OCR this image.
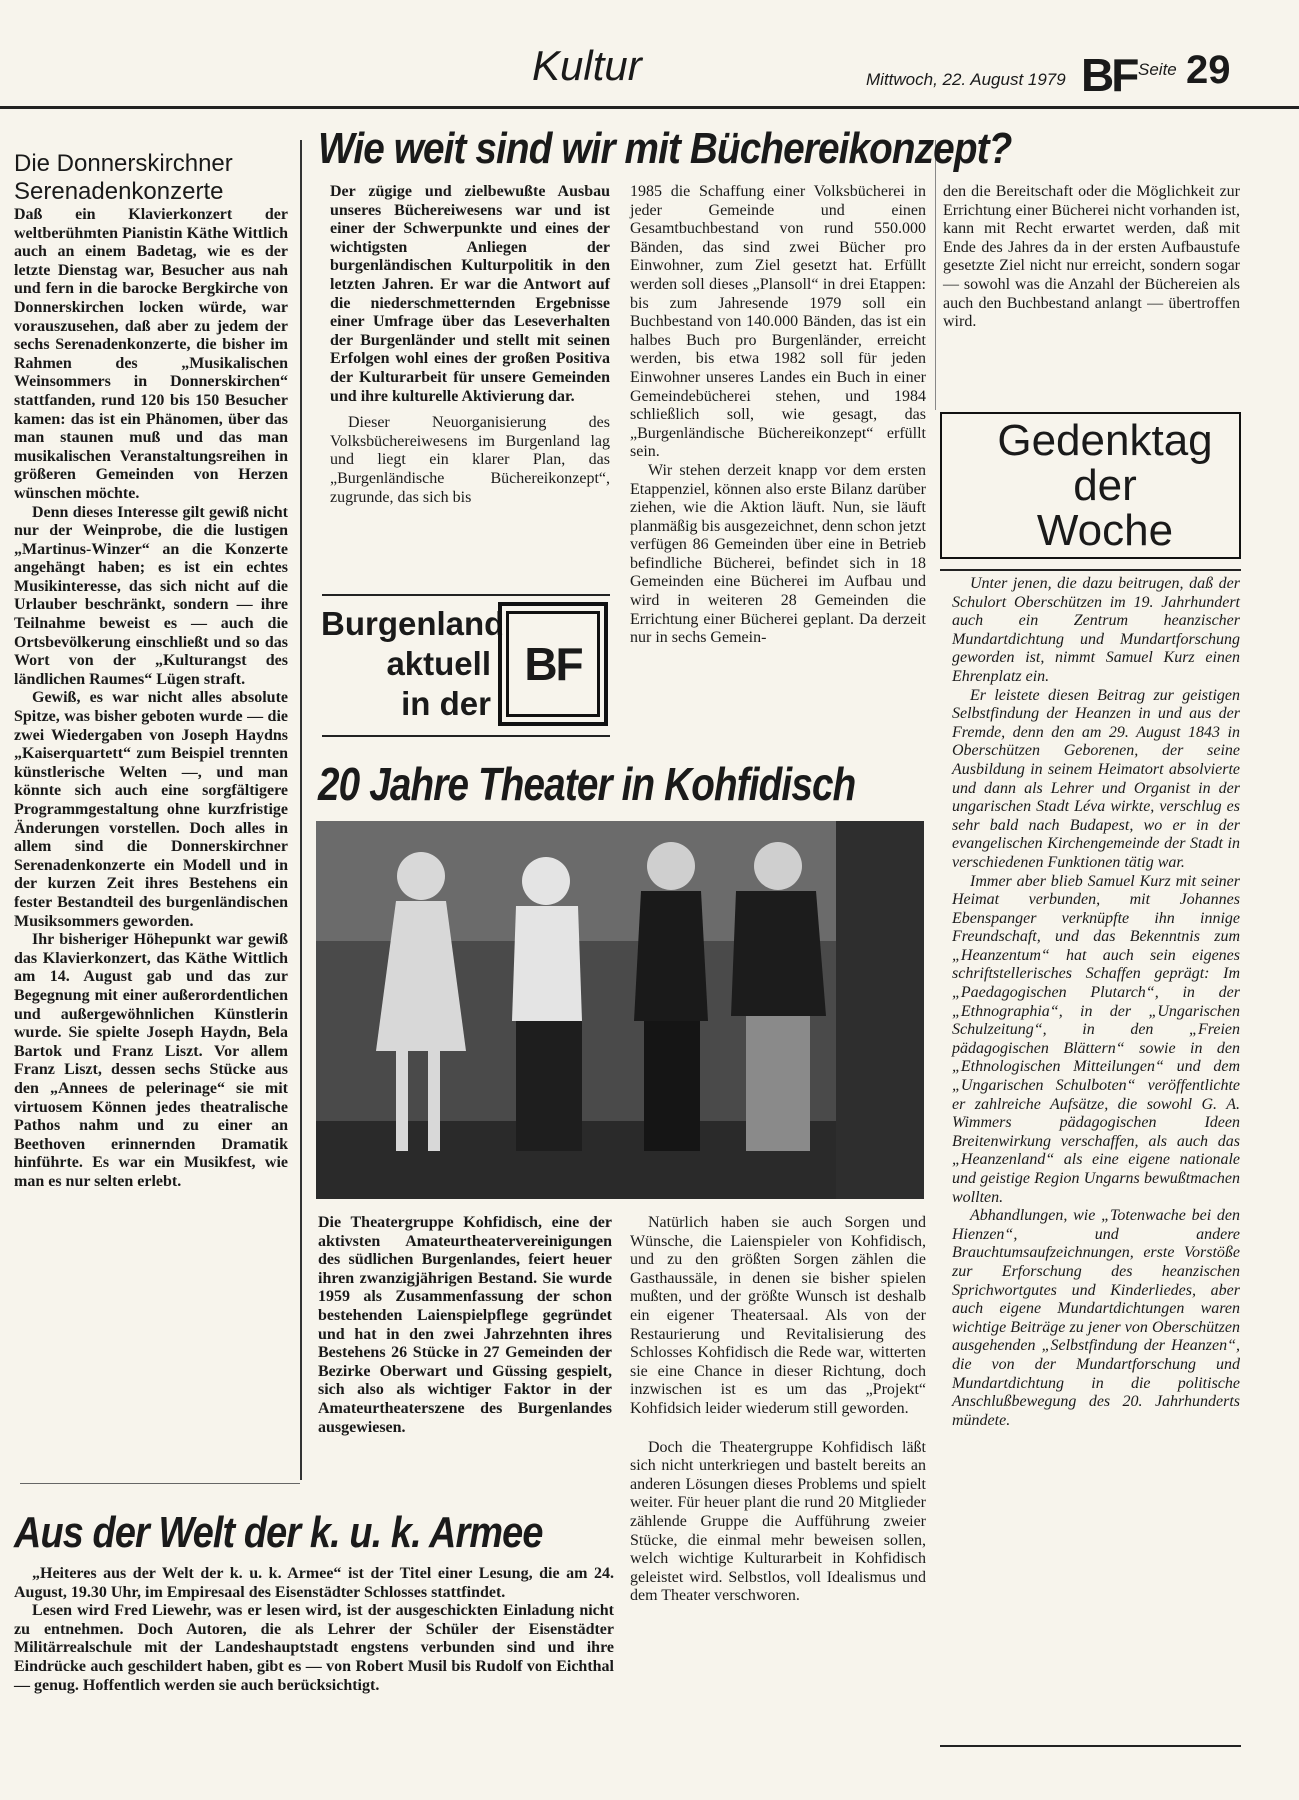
Kultur	Mittwoch, 22. August 1979 BF Seite 29
Die Donnerskirchner Serenadenkonzerte

Daß ein Klavierkonzert der weltberühmten Pianistin Käthe Wittlich auch an einem Badetag, wie es der letzte Dienstag war, Besucher aus nah und fern in die barocke Bergkirche von Donnerskirchen locken würde, war vorauszusehen, daß aber zu jedem der sechs Serenadenkonzerte, die bisher im Rahmen des „Musikalischen Weinsommers in Donnerskirchen“ stattfanden, rund 120 bis 150 Besucher kamen: das ist ein Phänomen, über das man staunen muß und das man musikalischen Veranstaltungsreihen in größeren Gemeinden von Herzen wünschen möchte.

Denn dieses Interesse gilt gewiß nicht nur der Weinprobe, die die lustigen „Martinus-Winzer“ an die Konzerte angehängt haben; es ist ein echtes Musikinteresse, das sich nicht auf die Urlauber beschränkt, sondern — ihre Teilnahme beweist es — auch die Ortsbevölkerung einschließt und so das Wort von der „Kulturangst des ländlichen Raumes“ Lügen straft.

Gewiß, es war nicht alles absolute Spitze, was bisher geboten wurde — die zwei Wiedergaben von Joseph Haydns „Kaiserquartett“ zum Beispiel trennten künstlerische Welten —, und man könnte sich auch eine sorgfältigere Programmgestaltung ohne kurzfristige Änderungen vorstellen. Doch alles in allem sind die Donnerskirchner Serenadenkonzerte ein Modell und in der kurzen Zeit ihres Bestehens ein fester Bestandteil des burgenländischen Musiksommers geworden.

Ihr bisheriger Höhepunkt war gewiß das Klavierkonzert, das Käthe Wittlich am 14. August gab und das zur Begegnung mit einer außerordentlichen und außergewöhnlichen Künstlerin wurde. Sie spielte Joseph Haydn, Bela Bartok und Franz Liszt. Vor allem Franz Liszt, dessen sechs Stücke aus den „Annees de pelerinage“ sie mit virtuosem Können jedes theatralische Pathos nahm und zu einer an Beethoven erinnernden Dramatik hinführte. Es war ein Musikfest, wie man es nur selten erlebt.

Wie weit sind wir mit Büchereikonzept?

Der zügige und zielbewußte Ausbau unseres Büchereiwesens war und ist einer der Schwerpunkte und eines der wichtigsten Anliegen der burgenländischen Kulturpolitik in den letzten Jahren. Er war die Antwort auf die niederschmetternden Ergebnisse einer Umfrage über das Leseverhalten der Burgenländer und stellt mit seinen Erfolgen wohl eines der großen Positiva der Kulturarbeit für unsere Gemeinden und ihre kulturelle Aktivierung dar.

Dieser Neuorganisierung des Volksbüchereiwesens im Burgenland lag und liegt ein klarer Plan, das „Burgenländische Büchereikonzept“, zugrunde, das sich bis

1985 die Schaffung einer Volksbücherei in jeder Gemeinde und einen Gesamtbuchbestand von rund 550.000 Bänden, das sind zwei Bücher pro Einwohner, zum Ziel gesetzt hat. Erfüllt werden soll dieses „Plansoll“ in drei Etappen: bis zum Jahresende 1979 soll ein Buchbestand von 140.000 Bänden, das ist ein halbes Buch pro Burgenländer, erreicht werden, bis etwa 1982 soll für jeden Einwohner unseres Landes ein Buch in einer Gemeindebücherei stehen, und 1984 schließlich soll, wie gesagt, das „Burgenländische Büchereikonzept“ erfüllt sein.

Wir stehen derzeit knapp vor dem ersten Etappenziel, können also erste Bilanz darüber ziehen, wie die Aktion läuft. Nun, sie läuft planmäßig bis ausgezeichnet, denn schon jetzt verfügen 86 Gemeinden über eine in Betrieb befindliche Bücherei, befindet sich in 18 Gemeinden eine Bücherei im Aufbau und wird in weiteren 28 Gemeinden die Errichtung einer Bücherei geplant. Da derzeit nur in sechs Gemein-

den die Bereitschaft oder die Möglichkeit zur Errichtung einer Bücherei nicht vorhanden ist, kann mit Recht erwartet werden, daß mit Ende des Jahres da in der ersten Aufbaustufe gesetzte Ziel nicht nur erreicht, sondern sogar — sowohl was die Anzahl der Büchereien als auch den Buchbestand anlangt — übertroffen wird.

Burgenland
aktuell
in der
BF
20 Jahre Theater in Kohfidisch

Die Theatergruppe Kohfidisch, eine der aktivsten Amateurtheatervereinigungen des südlichen Burgenlandes, feiert heuer ihren zwanzigjährigen Bestand. Sie wurde 1959 als Zusammenfassung der schon bestehenden Laienspielpflege gegründet und hat in den zwei Jahrzehnten ihres Bestehens 26 Stücke in 27 Gemeinden der Bezirke Oberwart und Güssing gespielt, sich also als wichtiger Faktor in der Amateurtheaterszene des Burgenlandes ausgewiesen.

Natürlich haben sie auch Sorgen und Wünsche, die Laienspieler von Kohfidisch, und zu den größten Sorgen zählen die Gasthaussäle, in denen sie bisher spielen mußten, und der größte Wunsch ist deshalb ein eigener Theatersaal. Als von der Restaurierung und Revitalisierung des Schlosses Kohfidisch die Rede war, witterten sie eine Chance in dieser Richtung, doch inzwischen ist es um das „Projekt“ Kohfidsich leider wiederum still geworden.

Doch die Theatergruppe Kohfidisch läßt sich nicht unterkriegen und bastelt bereits an anderen Lösungen dieses Problems und spielt weiter. Für heuer plant die rund 20 Mitglieder zählende Gruppe die Aufführung zweier Stücke, die einmal mehr beweisen sollen, welch wichtige Kulturarbeit in Kohfidisch geleistet wird. Selbstlos, voll Idealismus und dem Theater verschworen.

Aus der Welt der k. u. k. Armee

„Heiteres aus der Welt der k. u. k. Armee“ ist der Titel einer Lesung, die am 24. August, 19.30 Uhr, im Empiresaal des Eisenstädter Schlosses stattfindet.

Lesen wird Fred Liewehr, was er lesen wird, ist der ausgeschickten Einladung nicht zu entnehmen. Doch Autoren, die als Lehrer der Schüler der Eisenstädter Militärrealschule mit der Landeshauptstadt engstens verbunden sind und ihre Eindrücke auch geschildert haben, gibt es — von Robert Musil bis Rudolf von Eichthal — genug. Hoffentlich werden sie auch berücksichtigt.

Gedenktag
der
Woche

Unter jenen, die dazu beitrugen, daß der Schulort Oberschützen im 19. Jahrhundert auch ein Zentrum heanzischer Mundartdichtung und Mundartforschung geworden ist, nimmt Samuel Kurz einen Ehrenplatz ein.

Er leistete diesen Beitrag zur geistigen Selbstfindung der Heanzen in und aus der Fremde, denn den am 29. August 1843 in Oberschützen Geborenen, der seine Ausbildung in seinem Heimatort absolvierte und dann als Lehrer und Organist in der ungarischen Stadt Léva wirkte, verschlug es sehr bald nach Budapest, wo er in der evangelischen Kirchengemeinde der Stadt in verschiedenen Funktionen tätig war.

Immer aber blieb Samuel Kurz mit seiner Heimat verbunden, mit Johannes Ebenspanger verknüpfte ihn innige Freundschaft, und das Bekenntnis zum „Heanzentum“ hat auch sein eigenes schriftstellerisches Schaffen geprägt: Im „Paedagogischen Plutarch“, in der „Ethnographia“, in der „Ungarischen Schulzeitung“, in den „Freien pädagogischen Blättern“ sowie in den „Ethnologischen Mitteilungen“ und dem „Ungarischen Schulboten“ veröffentlichte er zahlreiche Aufsätze, die sowohl G. A. Wimmers pädagogischen Ideen Breitenwirkung verschaffen, als auch das „Heanzenland“ als eine eigene nationale und geistige Region Ungarns bewußtmachen wollten.

Abhandlungen, wie „Totenwache bei den Hienzen“, und andere Brauchtumsaufzeichnungen, erste Vorstöße zur Erforschung des heanzischen Sprichwortgutes und Kinderliedes, aber auch eigene Mundartdichtungen waren wichtige Beiträge zu jener von Oberschützen ausgehenden „Selbstfindung der Heanzen“, die von der Mundartforschung und Mundartdichtung in die politische Anschlußbewegung des 20. Jahrhunderts mündete.
